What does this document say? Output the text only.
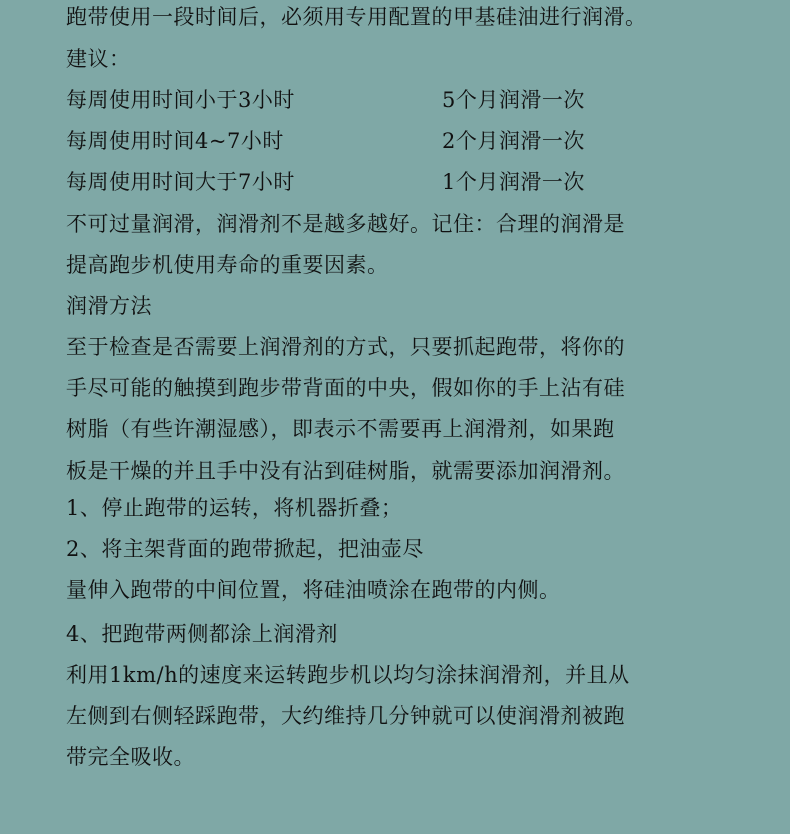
跑带使用一段时间后，必须用专用配置的甲基硅油进行润滑。
建议：
每周使用时间小于3小时	5个月润滑一次
每周使用时间4~7小时	2个月润滑一次
每周使用时间大于7小时	1个月润滑一次
不可过量润滑，润滑剂不是越多越好。记住：合理的润滑是
提高跑步机使用寿命的重要因素。
润滑方法
至于检查是否需要上润滑剂的方式，只要抓起跑带，将你的
手尽可能的触摸到跑步带背面的中央，假如你的手上沾有硅
树脂（有些许潮湿感），即表示不需要再上润滑剂，如果跑
板是干燥的并且手中没有沾到硅树脂，就需要添加润滑剂。
1、停止跑带的运转，将机器折叠；
2、将主架背面的跑带掀起，把油壶尽
量伸入跑带的中间位置，将硅油喷涂在跑带的内侧。
4、把跑带两侧都涂上润滑剂
利用1km/h的速度来运转跑步机以均匀涂抹润滑剂，并且从
左侧到右侧轻踩跑带，大约维持几分钟就可以使润滑剂被跑
带完全吸收。
